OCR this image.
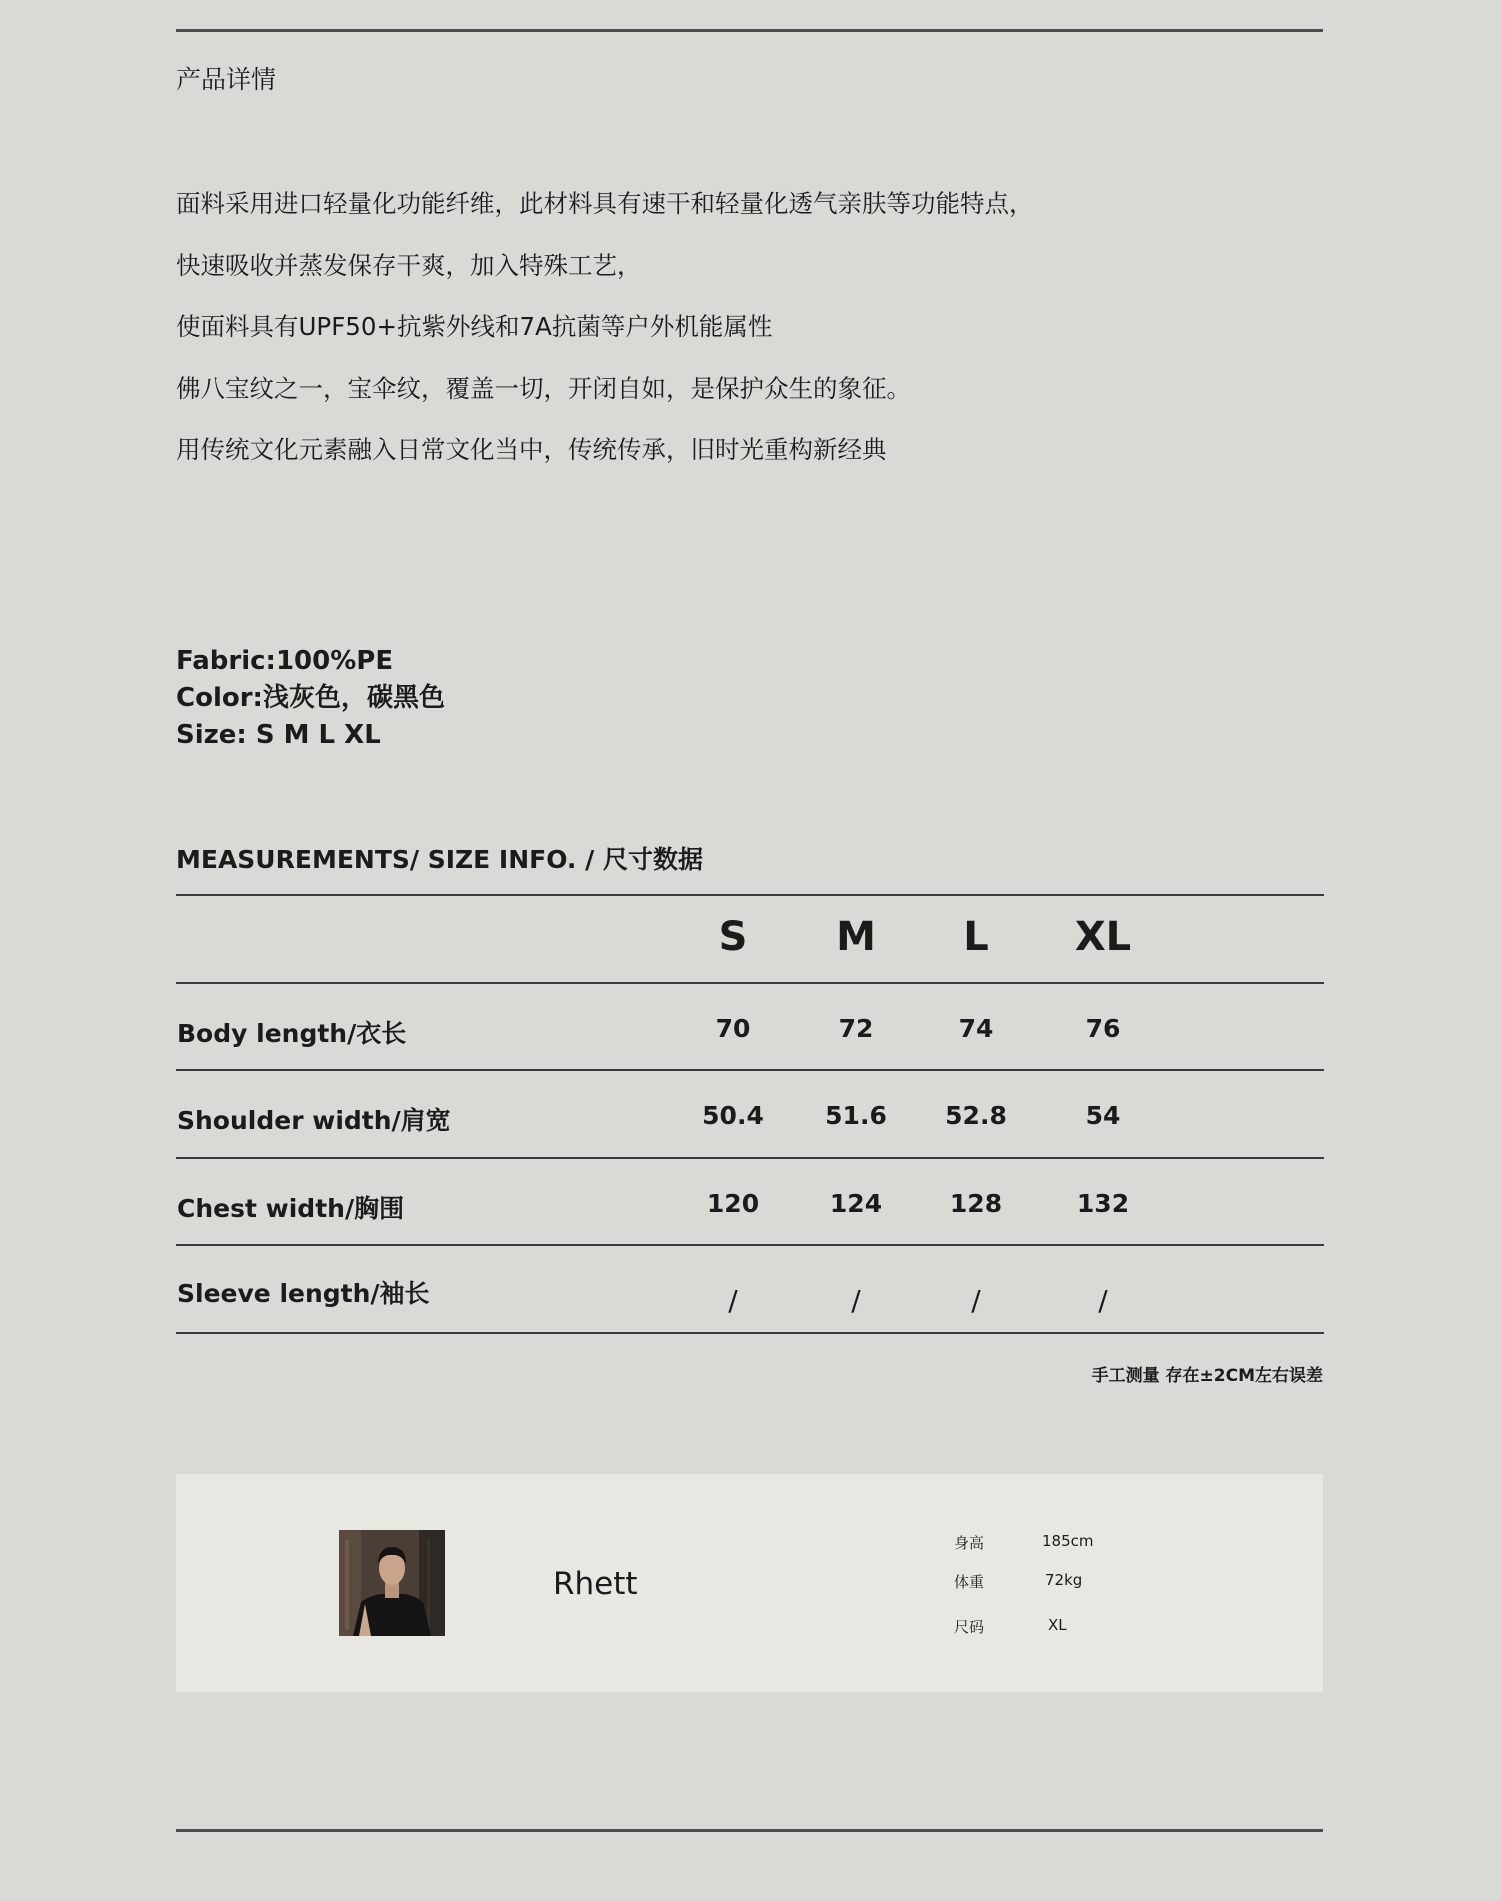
产品详情
面料采用进口轻量化功能纤维，此材料具有速干和轻量化透气亲肤等功能特点，
快速吸收并蒸发保存干爽，加入特殊工艺，
使面料具有UPF50+抗紫外线和7A抗菌等户外机能属性
佛八宝纹之一，宝伞纹，覆盖一切，开闭自如，是保护众生的象征。
用传统文化元素融入日常文化当中，传统传承，旧时光重构新经典
Fabric:100%PE
Color:浅灰色，碳黑色
Size: S M L XL
MEASUREMENTS/ SIZE INFO. / 尺寸数据
S	M	L	XL
Body length/衣长	70	72	74	76
Shoulder width/肩宽	50.4	51.6	52.8	54
Chest width/胸围	120	124	128	132
Sleeve length/袖长	/	/	/	/
手工测量 存在±2CM左右误差
Rhett
身高	185cm
体重	72kg
尺码	XL
